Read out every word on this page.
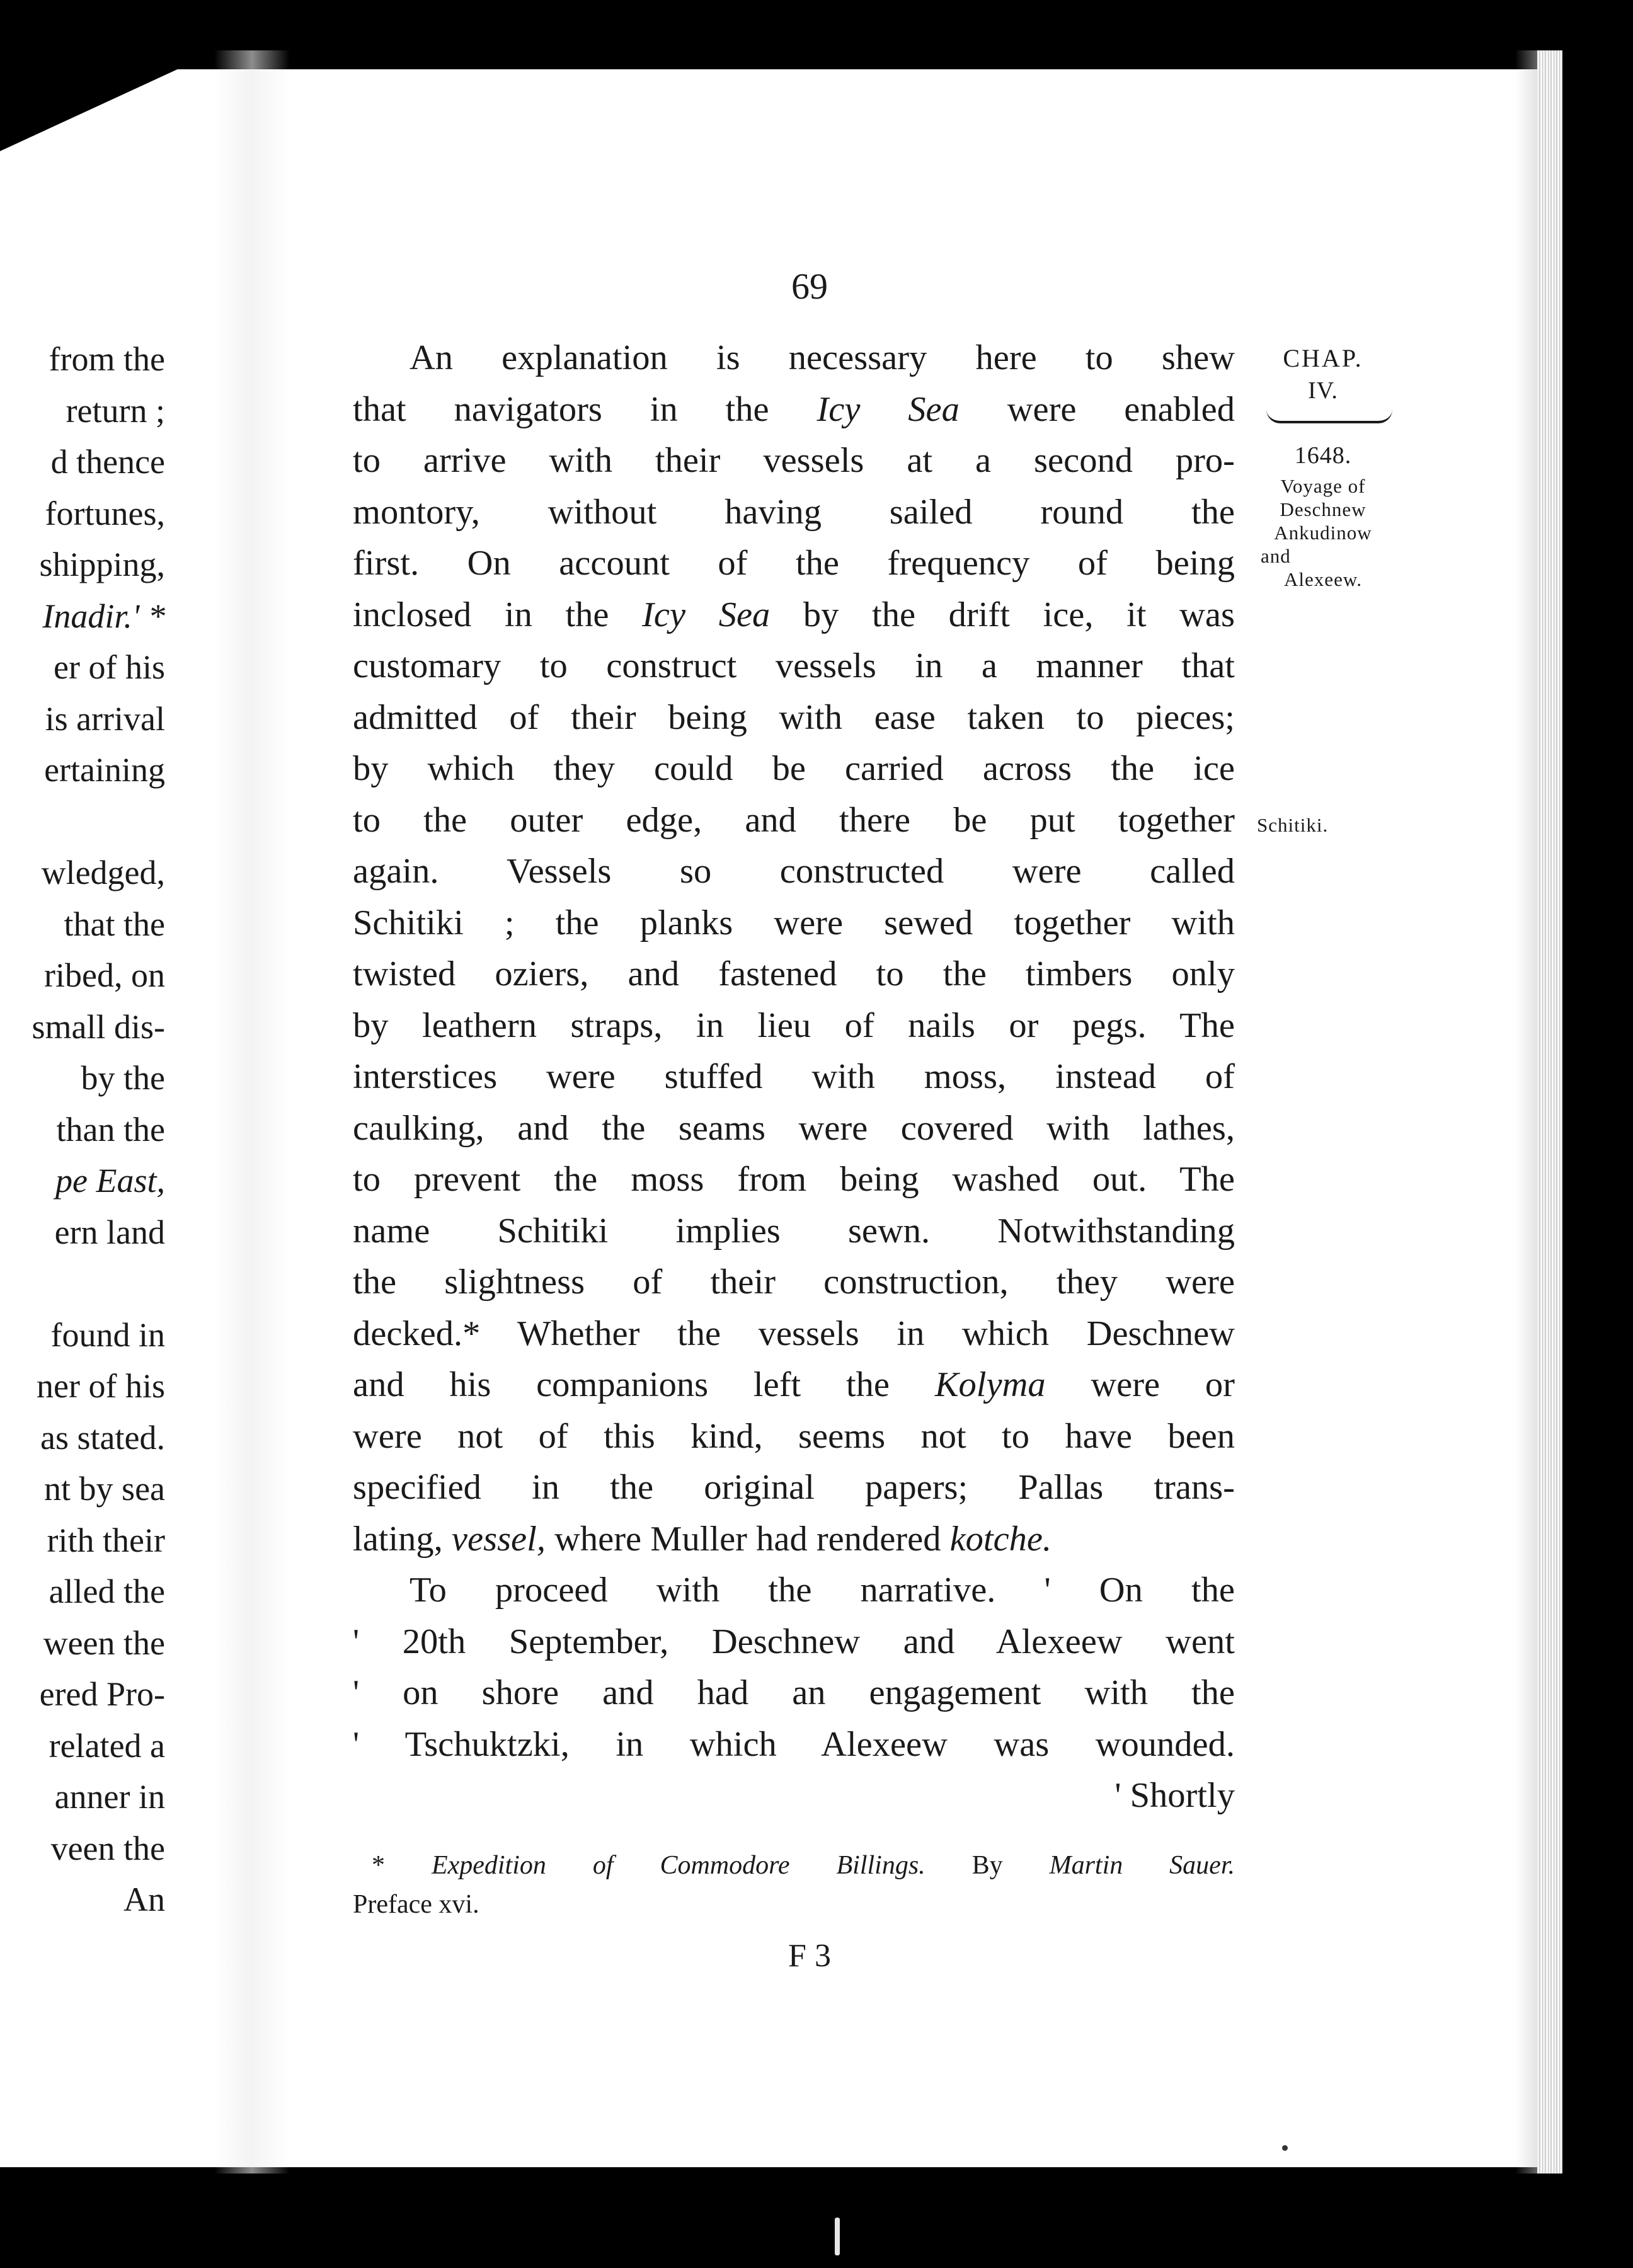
from the
return ;
d thence
fortunes,
shipping,
Inadir.' *
er of his
is arrival
ertaining
wledged,
that the
ribed, on
small dis-
by the
than the
pe East,
ern land
found in
ner of his
as stated.
nt by sea
rith their
alled the
ween the
ered Pro-
related a
anner in
veen the
An
69
CHAP.
IV.
1648.
Voyage of
Deschnew
Ankudinow
and
Alexeew.
Schitiki.
An explanation is necessary here to shew
that navigators in the Icy Sea were enabled
to arrive with their vessels at a second pro-
montory, without having sailed round the
first. On account of the frequency of being
inclosed in the Icy Sea by the drift ice, it was
customary to construct vessels in a manner that
admitted of their being with ease taken to pieces;
by which they could be carried across the ice
to the outer edge, and there be put together
again. Vessels so constructed were called
Schitiki ; the planks were sewed together with
twisted oziers, and fastened to the timbers only
by leathern straps, in lieu of nails or pegs. The
interstices were stuffed with moss, instead of
caulking, and the seams were covered with lathes,
to prevent the moss from being washed out. The
name Schitiki implies sewn. Notwithstanding
the slightness of their construction, they were
decked.* Whether the vessels in which Deschnew
and his companions left the Kolyma were or
were not of this kind, seems not to have been
specified in the original papers; Pallas trans-
lating, vessel, where Muller had rendered kotche.
To proceed with the narrative. ' On the
' 20th September, Deschnew and Alexeew went
' on shore and had an engagement with the
' Tschuktzki, in which Alexeew was wounded.
' Shortly
* Expedition of Commodore Billings. By Martin Sauer.
Preface xvi.
F 3
